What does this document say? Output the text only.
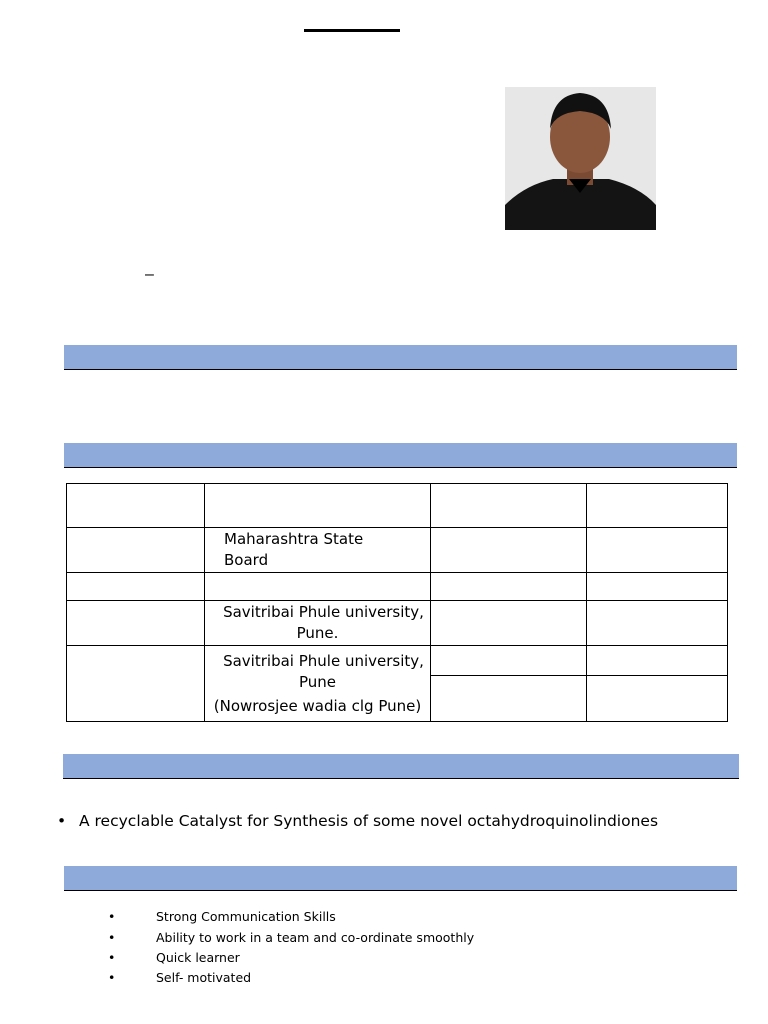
–

	Maharashtra State Board		

	Savitribai Phule university,
Pune.		

	Savitribai Phule university,
Pune
(Nowrosjee wadia clg Pune)		

• A recyclable Catalyst for Synthesis of some novel octahydroquinolindiones
•	Strong Communication Skills
•	Ability to work in a team and co-ordinate smoothly
•	Quick learner
•	Self- motivated
